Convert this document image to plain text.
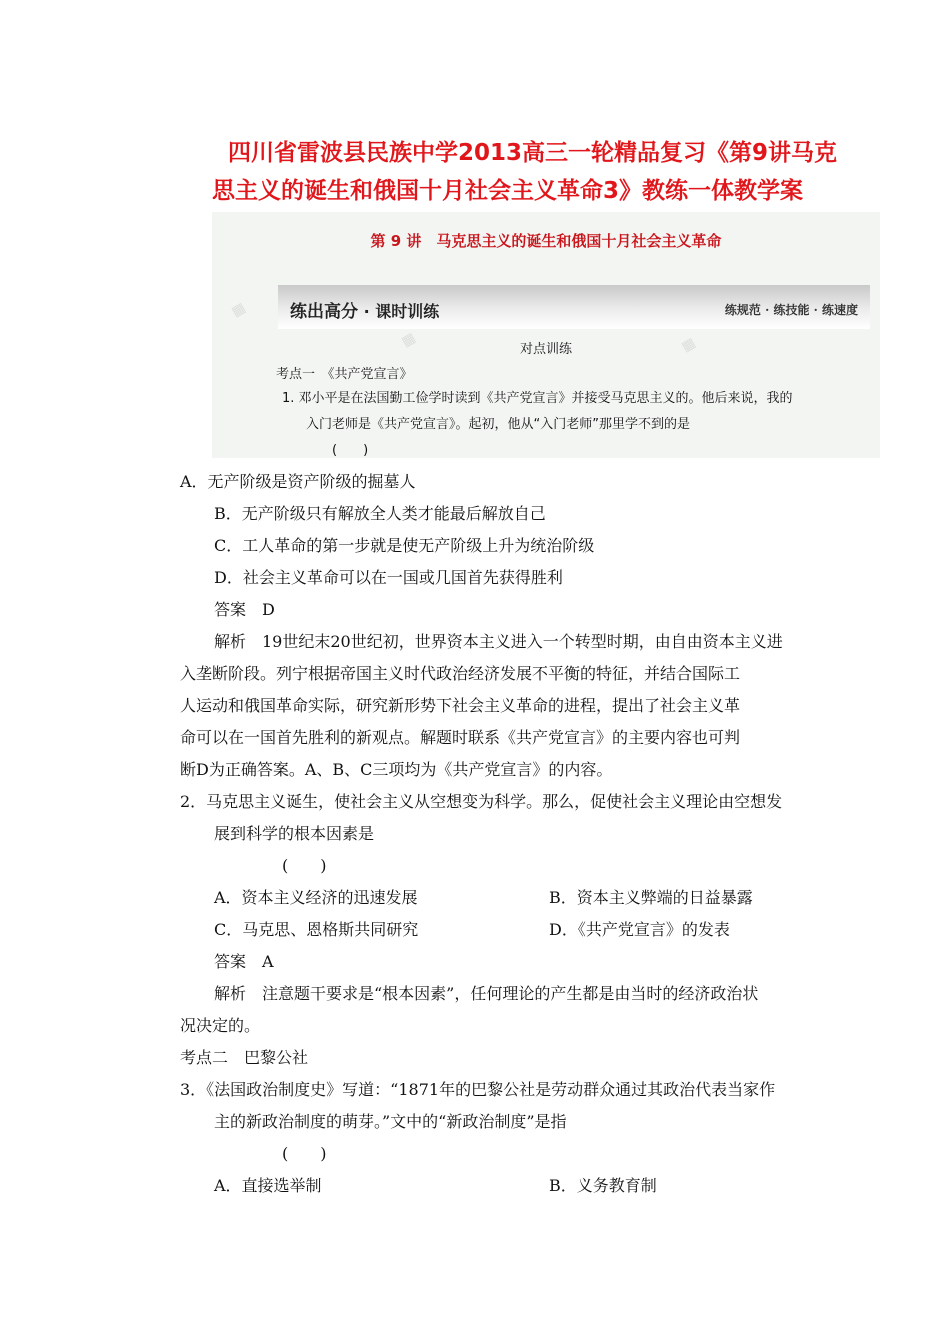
四川省雷波县民族中学2013高三一轮精品复习《第9讲马克
思主义的诞生和俄国十月社会主义革命3》教练一体教学案
▦
▦	▦
第 9 讲　马克思主义的诞生和俄国十月社会主义革命
练出高分 · 课时训练	练规范 · 练技能 · 练速度
对点训练
考点一　《共产党宣言》
1. 邓小平是在法国勤工俭学时读到《共产党宣言》并接受马克思主义的。他后来说，我的
入门老师是《共产党宣言》。起初，他从“入门老师”那里学不到的是
(　　)

A．无产阶级是资产阶级的掘墓人

B．无产阶级只有解放全人类才能最后解放自己

C．工人革命的第一步就是使无产阶级上升为统治阶级

D．社会主义革命可以在一国或几国首先获得胜利

答案　D

解析　19世纪末20世纪初，世界资本主义进入一个转型时期，由自由资本主义进

入垄断阶段。列宁根据帝国主义时代政治经济发展不平衡的特征，并结合国际工

人运动和俄国革命实际，研究新形势下社会主义革命的进程，提出了社会主义革

命可以在一国首先胜利的新观点。解题时联系《共产党宣言》的主要内容也可判

断D为正确答案。A、B、C三项均为《共产党宣言》的内容。

2．马克思主义诞生，使社会主义从空想变为科学。那么，促使社会主义理论由空想发

展到科学的根本因素是

(　　)

A．资本主义经济的迅速发展	B．资本主义弊端的日益暴露

C．马克思、恩格斯共同研究	D．《共产党宣言》的发表

答案　A

解析　注意题干要求是“根本因素”，任何理论的产生都是由当时的经济政治状

况决定的。

考点二　巴黎公社

3．《法国政治制度史》写道：“1871年的巴黎公社是劳动群众通过其政治代表当家作

主的新政治制度的萌芽。”文中的“新政治制度”是指

(　　)

A．直接选举制	B．义务教育制
